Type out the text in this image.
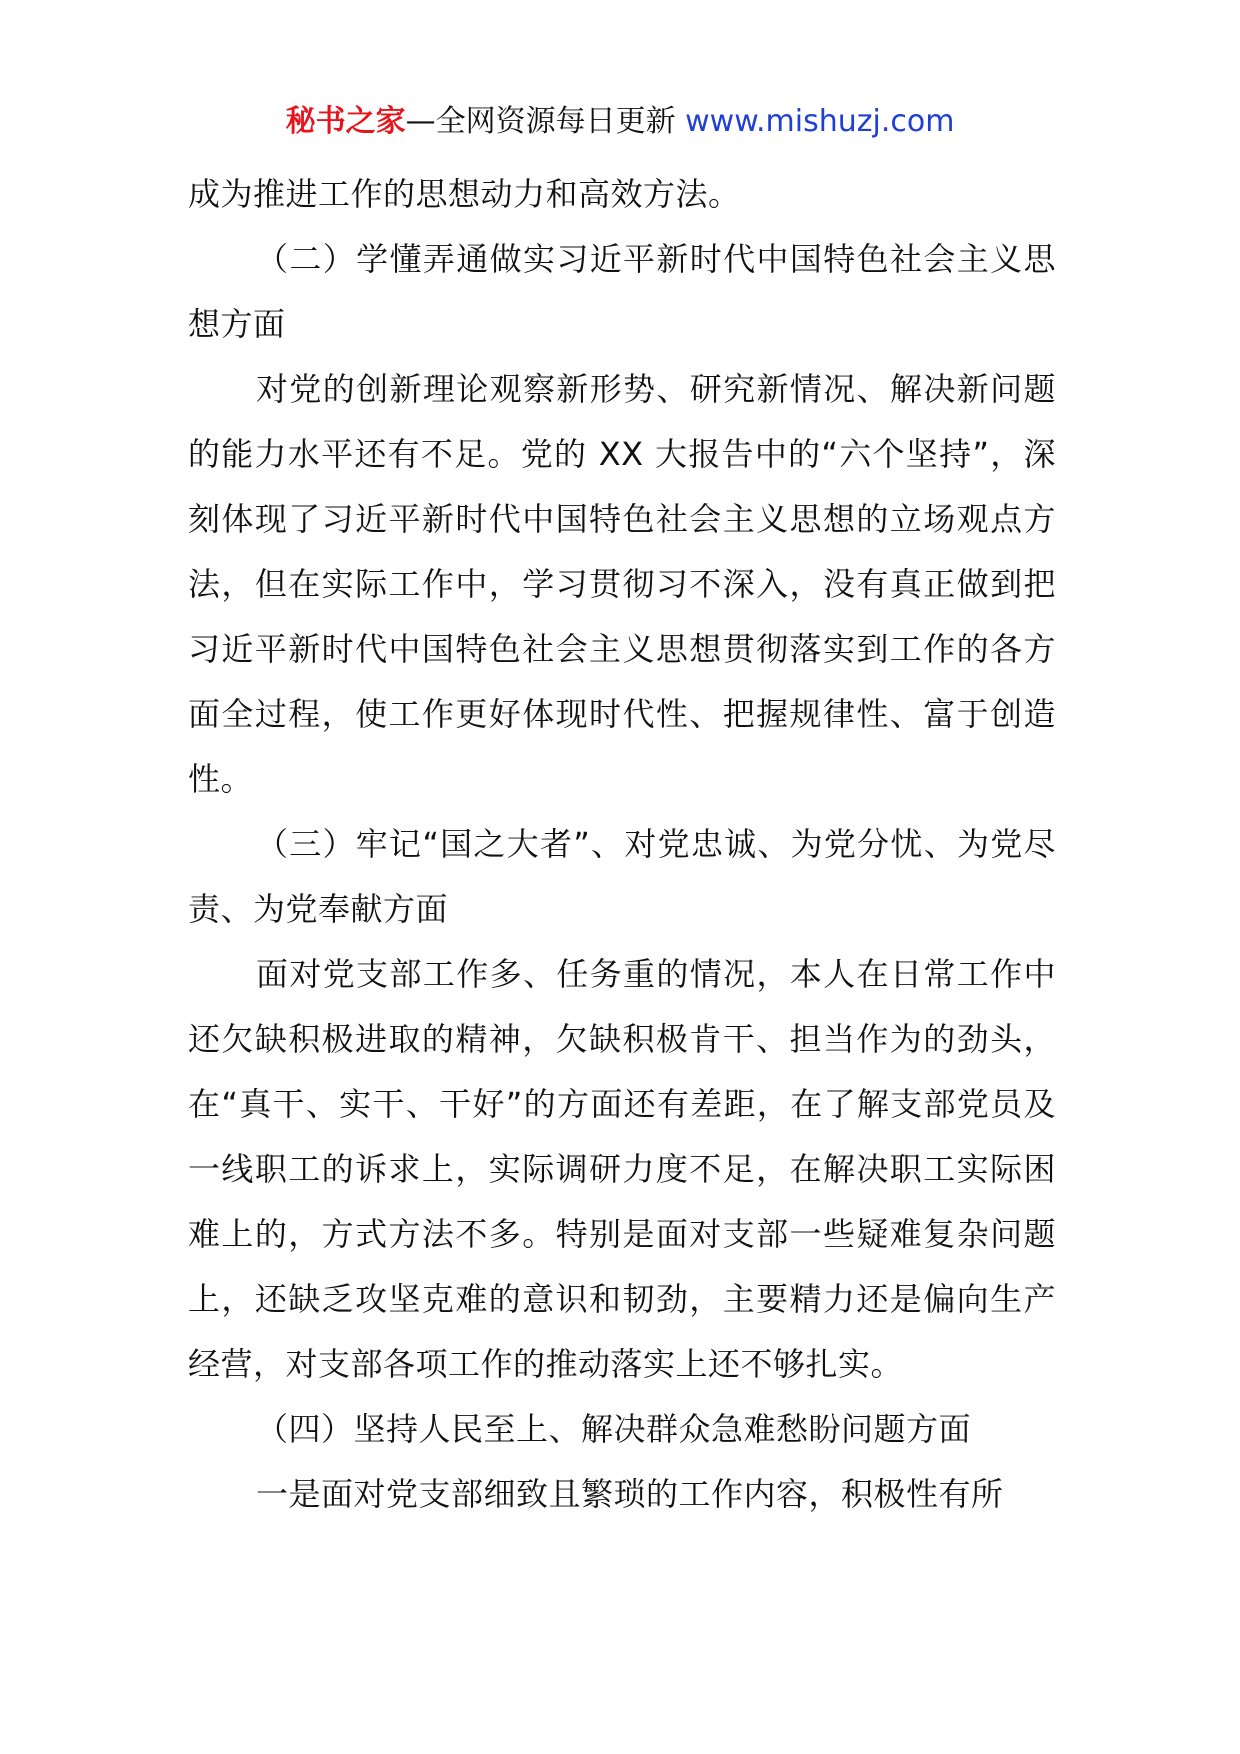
秘书之家—全网资源每日更新 www.mishuzj.com

成为推进工作的思想动力和高效方法。

（二）学懂弄通做实习近平新时代中国特色社会主义思想方面

对党的创新理论观察新形势、研究新情况、解决新问题的能力水平还有不足。党的 XX 大报告中的“六个坚持”，深刻体现了习近平新时代中国特色社会主义思想的立场观点方法，但在实际工作中，学习贯彻习不深入，没有真正做到把习近平新时代中国特色社会主义思想贯彻落实到工作的各方面全过程，使工作更好体现时代性、把握规律性、富于创造性。

（三）牢记“国之大者”、对党忠诚、为党分忧、为党尽责、为党奉献方面

面对党支部工作多、任务重的情况，本人在日常工作中还欠缺积极进取的精神，欠缺积极肯干、担当作为的劲头，在“真干、实干、干好”的方面还有差距，在了解支部党员及一线职工的诉求上，实际调研力度不足，在解决职工实际困难上的，方式方法不多。特别是面对支部一些疑难复杂问题上，还缺乏攻坚克难的意识和韧劲，主要精力还是偏向生产经营，对支部各项工作的推动落实上还不够扎实。

（四）坚持人民至上、解决群众急难愁盼问题方面

一是面对党支部细致且繁琐的工作内容，积极性有所
